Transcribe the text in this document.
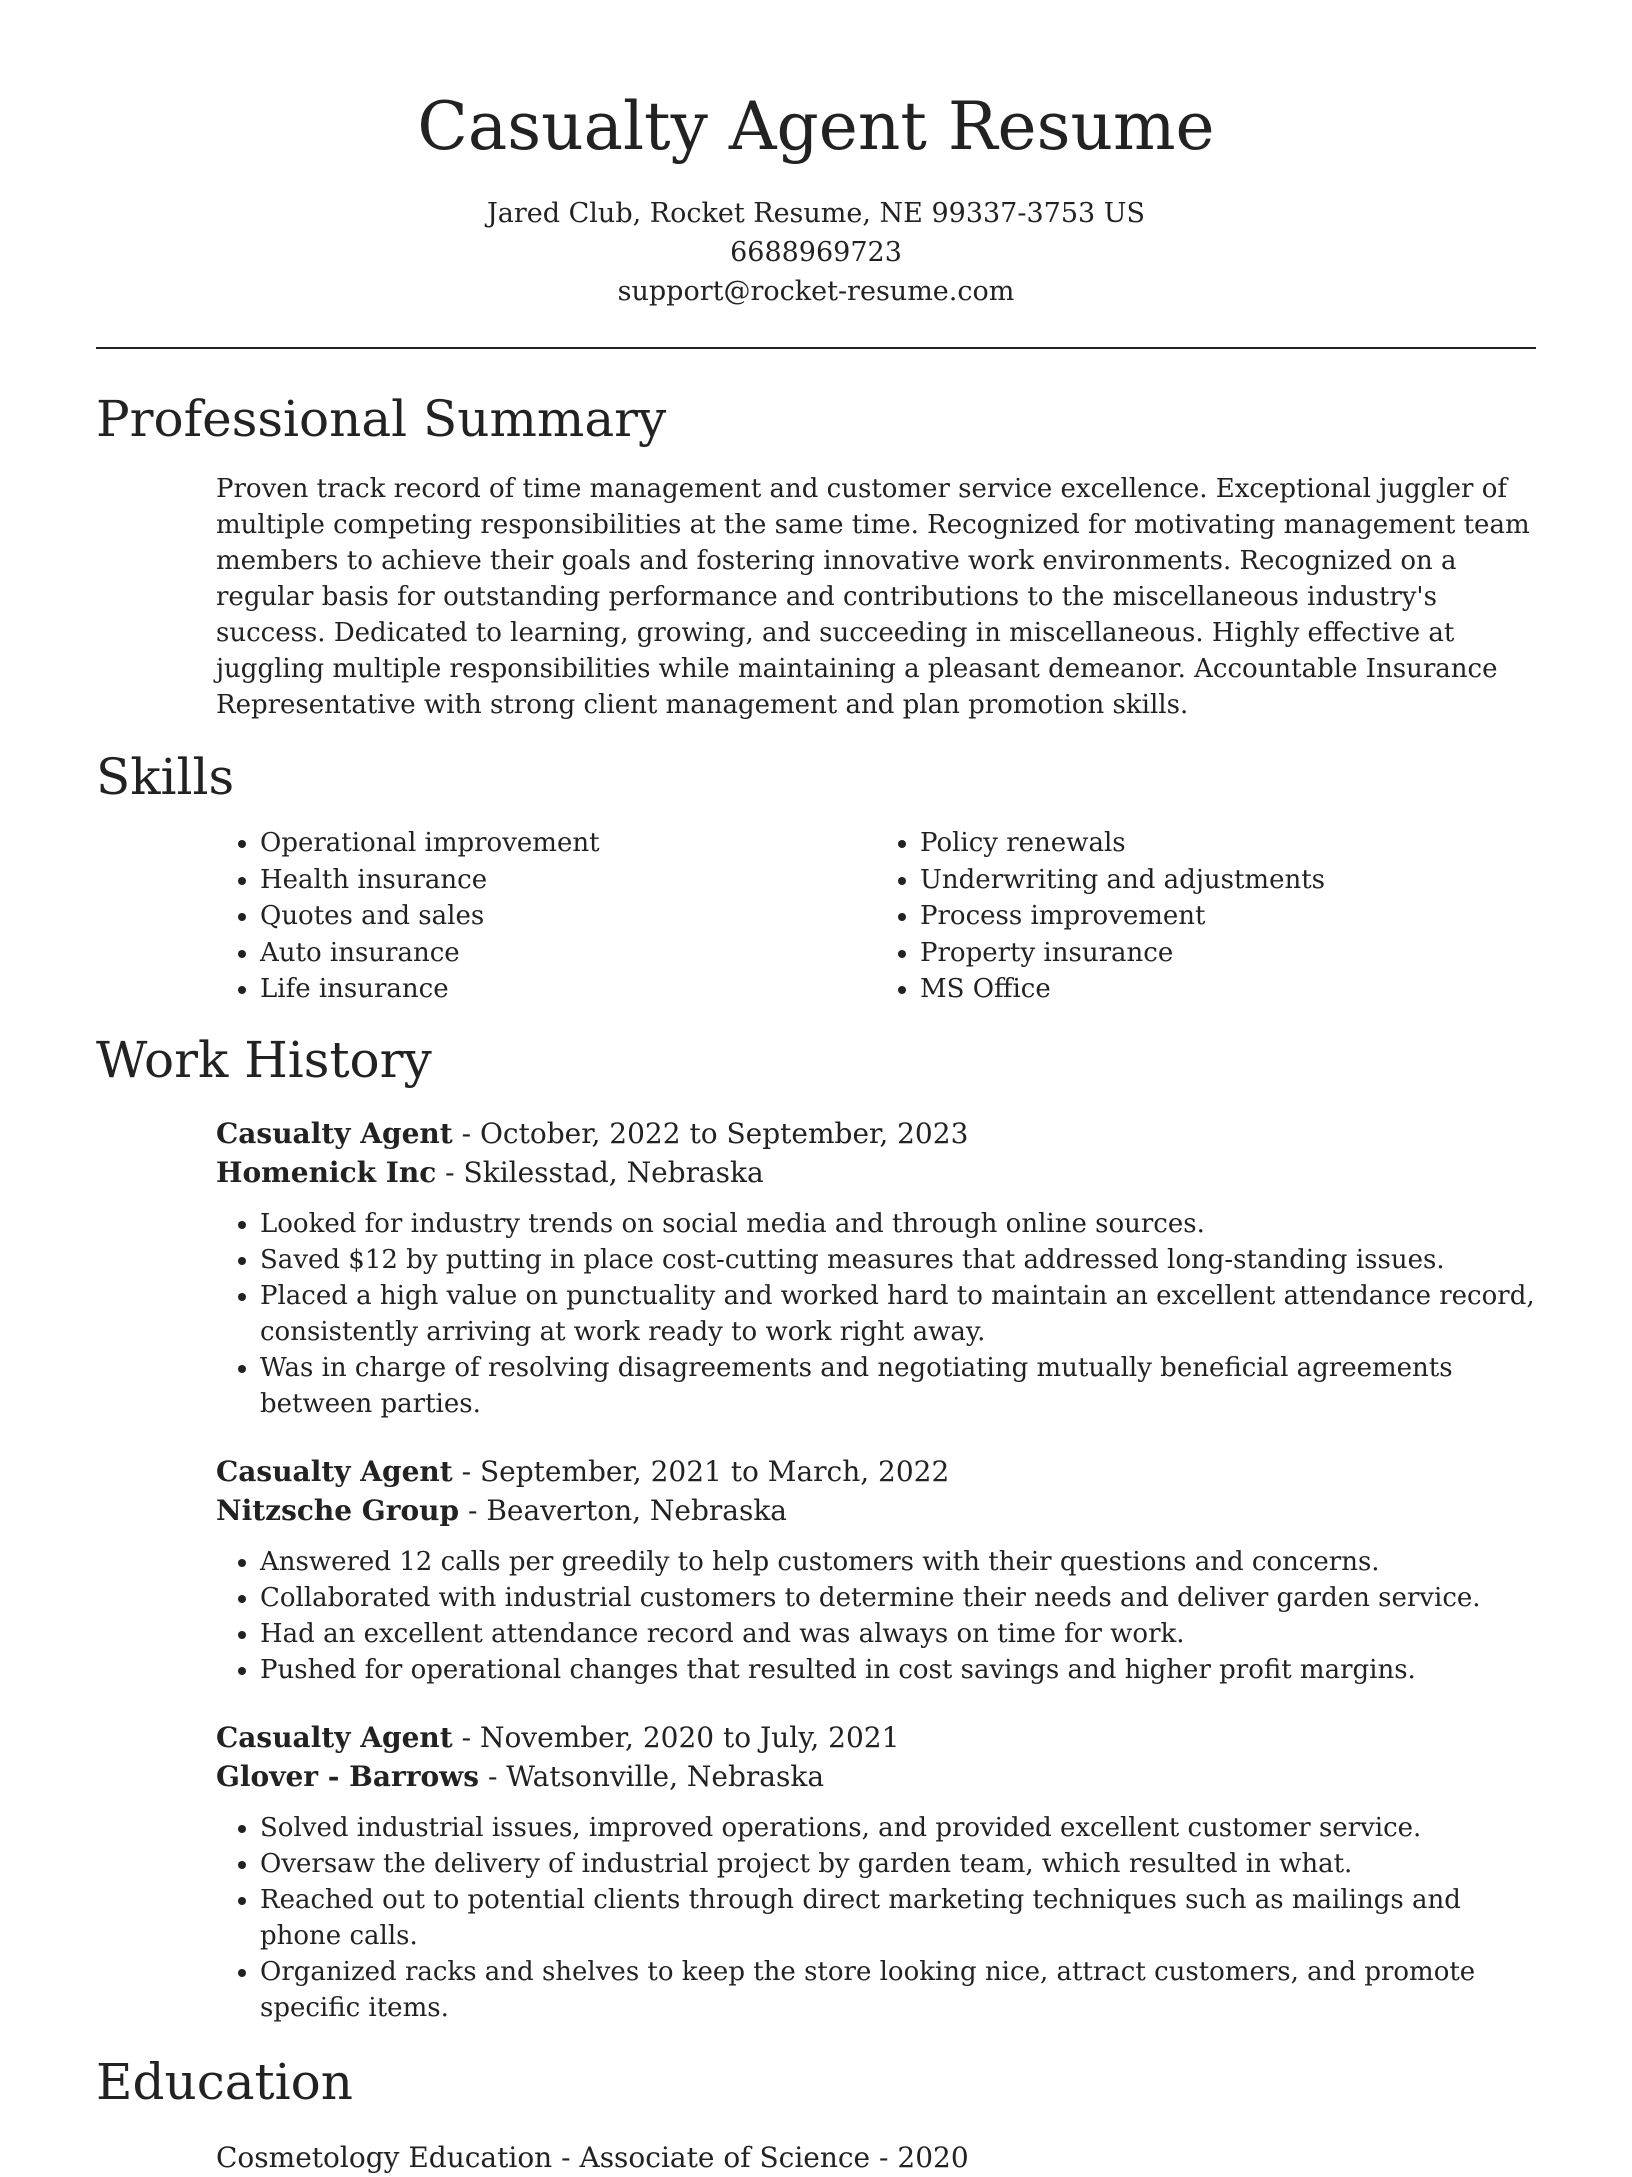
Casualty Agent Resume
Jared Club, Rocket Resume, NE 99337-3753 US
6688969723
support@rocket-resume.com
Professional Summary
Proven track record of time management and customer service excellence. Exceptional juggler of multiple competing responsibilities at the same time. Recognized for motivating management team members to achieve their goals and fostering innovative work environments. Recognized on a regular basis for outstanding performance and contributions to the miscellaneous industry's success. Dedicated to learning, growing, and succeeding in miscellaneous. Highly effective at juggling multiple responsibilities while maintaining a pleasant demeanor. Accountable Insurance Representative with strong client management and plan promotion skills.
Skills
• Operational improvement
• Health insurance
• Quotes and sales
• Auto insurance
• Life insurance
• Policy renewals
• Underwriting and adjustments
• Process improvement
• Property insurance
• MS Office
Work History
Casualty Agent - October, 2022 to September, 2023
Homenick Inc - Skilesstad, Nebraska
• Looked for industry trends on social media and through online sources.
• Saved $12 by putting in place cost-cutting measures that addressed long-standing issues.
• Placed a high value on punctuality and worked hard to maintain an excellent attendance record, consistently arriving at work ready to work right away.
• Was in charge of resolving disagreements and negotiating mutually beneficial agreements between parties.
Casualty Agent - September, 2021 to March, 2022
Nitzsche Group - Beaverton, Nebraska
• Answered 12 calls per greedily to help customers with their questions and concerns.
• Collaborated with industrial customers to determine their needs and deliver garden service.
• Had an excellent attendance record and was always on time for work.
• Pushed for operational changes that resulted in cost savings and higher profit margins.
Casualty Agent - November, 2020 to July, 2021
Glover - Barrows - Watsonville, Nebraska
• Solved industrial issues, improved operations, and provided excellent customer service.
• Oversaw the delivery of industrial project by garden team, which resulted in what.
• Reached out to potential clients through direct marketing techniques such as mailings and phone calls.
• Organized racks and shelves to keep the store looking nice, attract customers, and promote specific items.
Education
Cosmetology Education - Associate of Science - 2020
